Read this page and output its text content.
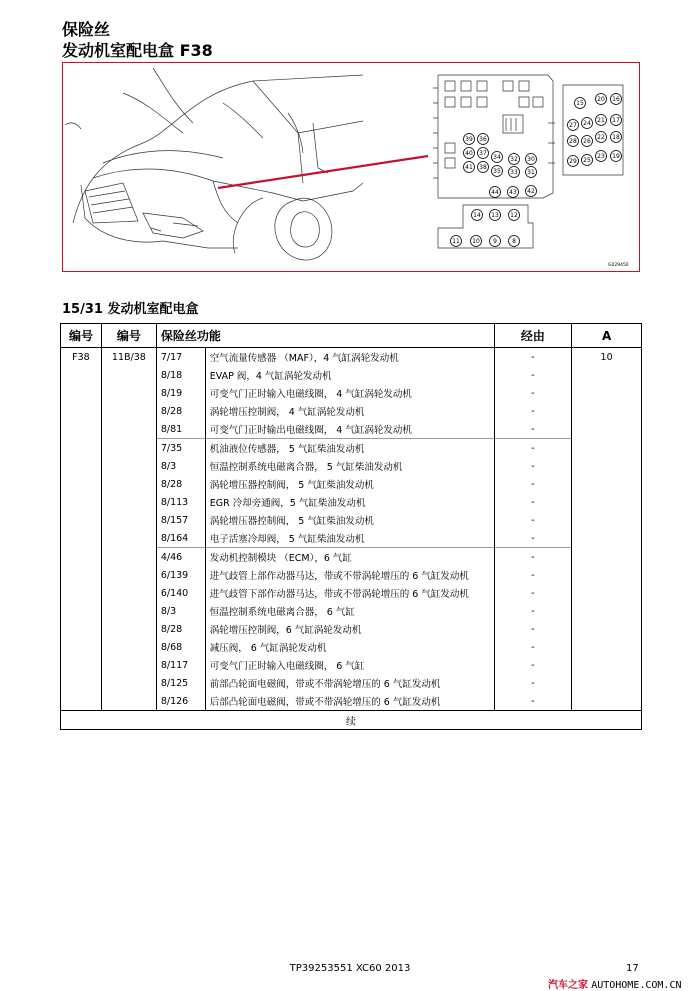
保险丝
发动机室配电盒 F38
39 36
40 37
41 38
34 32 30
35 33 31
44 43 42
15
20 16
27 24 21 17
26
22 18
28
25
23 19
29
14 13 12
11 10 9	8
G029450
15/31 发动机室配电盒
编号	编号	保险丝功能		经由	A
F38	11B/38	7/17	空气流量传感器 （MAF），4 气缸涡轮发动机	-	10
		8/18	EVAP 阀，4 气缸涡轮发动机	-	
		8/19	可变气门正时输入电磁线圈， 4 气缸涡轮发动机	-	
		8/28	涡轮增压控制阀， 4 气缸涡轮发动机	-	
		8/81	可变气门正时输出电磁线圈， 4 气缸涡轮发动机	-	
		7/35	机油液位传感器， 5 气缸柴油发动机	-	
		8/3	恒温控制系统电磁离合器， 5 气缸柴油发动机	-	
		8/28	涡轮增压器控制阀， 5 气缸柴油发动机	-	
		8/113	EGR 冷却旁通阀，5 气缸柴油发动机	-	
		8/157	涡轮增压器控制阀， 5 气缸柴油发动机	-	
		8/164	电子活塞冷却阀， 5 气缸柴油发动机	-	
		4/46	发动机控制模块 （ECM），6 气缸	-	
		6/139	进气歧管上部作动器马达，带或不带涡轮增压的 6 气缸发动机	-	
		6/140	进气歧管下部作动器马达，带或不带涡轮增压的 6 气缸发动机	-	
		8/3	恒温控制系统电磁离合器， 6 气缸	-	
		8/28	涡轮增压控制阀，6 气缸涡轮发动机	-	
		8/68	减压阀， 6 气缸涡轮发动机	-	
		8/117	可变气门正时输入电磁线圈， 6 气缸	-	
		8/125	前部凸轮面电磁阀，带或不带涡轮增压的 6 气缸发动机	-	
		8/126	后部凸轮面电磁阀，带或不带涡轮增压的 6 气缸发动机	-	
续					
TP39253551 XC60 2013	17
汽车之家 AUTOHOME.COM.CN
